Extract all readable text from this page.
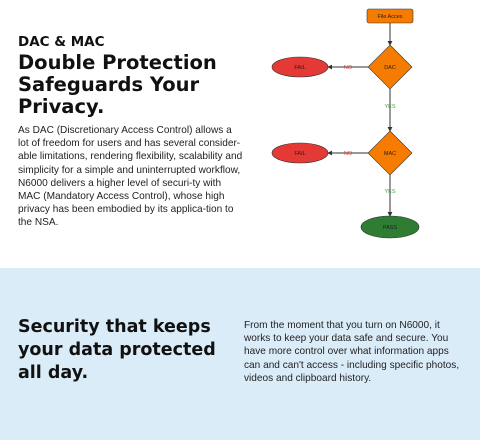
DAC & MAC
Double Protection Safeguards Your Privacy.
As DAC (Discretionary Access Control) allows a lot of freedom for users and has several consider-able limitations, rendering flexibility, scalability and simplicity for a simple and uninterrupted workflow, N6000 delivers a higher level of securi-ty with MAC (Mandatory Access Control), whose high privacy has been embodied by its applica-tion to the NSA.
File Acces
DAC
FAIL
MAC
FAIL
PASS
NO
NO
YES
YES
Security that keeps your data protected all day.
From the moment that you turn on N6000, it works to keep your data safe and secure. You have more control over what information apps can and can't access - including specific photos, videos and clipboard history.
